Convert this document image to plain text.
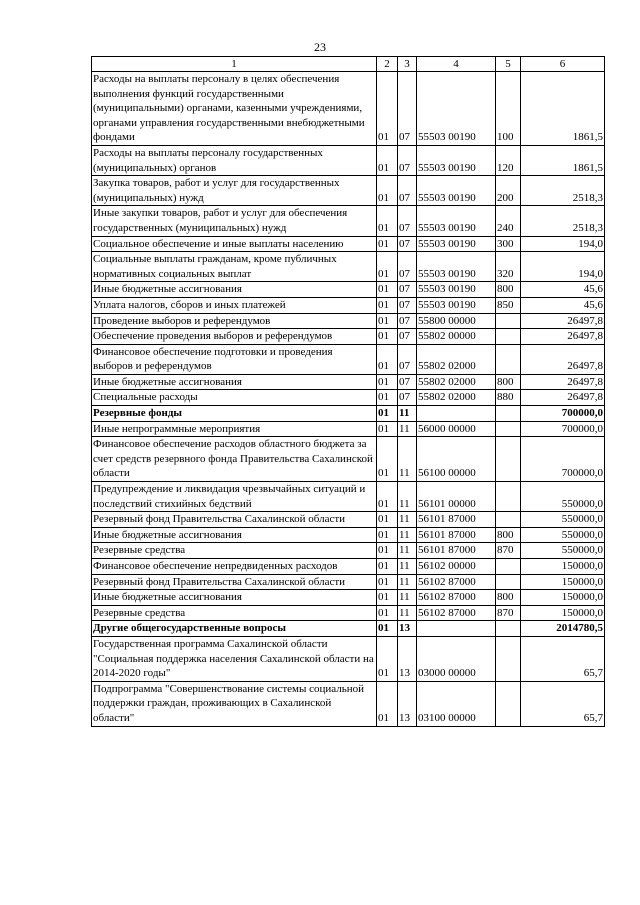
23
1	2	3	4	5	6
Расходы на выплаты персоналу в целях обеспечения выполнения функций государственными (муниципальными) органами, казенными учреждениями, органами управления государственными внебюджетными фондами	01	07	55503 00190	100	1861,5
Расходы на выплаты персоналу государственных (муниципальных) органов	01	07	55503 00190	120	1861,5
Закупка товаров, работ и услуг для государственных (муниципальных) нужд	01	07	55503 00190	200	2518,3
Иные закупки товаров, работ и услуг для обеспечения государственных (муниципальных) нужд	01	07	55503 00190	240	2518,3
Социальное обеспечение и иные выплаты населению	01	07	55503 00190	300	194,0
Социальные выплаты гражданам, кроме публичных нормативных социальных выплат	01	07	55503 00190	320	194,0
Иные бюджетные ассигнования	01	07	55503 00190	800	45,6
Уплата налогов, сборов и иных платежей	01	07	55503 00190	850	45,6
Проведение выборов и референдумов	01	07	55800 00000		26497,8
Обеспечение проведения выборов и референдумов	01	07	55802 00000		26497,8
Финансовое обеспечение подготовки и проведения выборов и референдумов	01	07	55802 02000		26497,8
Иные бюджетные ассигнования	01	07	55802 02000	800	26497,8
Специальные расходы	01	07	55802 02000	880	26497,8
Резервные фонды	01	11			700000,0
Иные непрограммные мероприятия	01	11	56000 00000		700000,0
Финансовое обеспечение расходов областного бюджета за счет средств резервного фонда Правительства Сахалинской области	01	11	56100 00000		700000,0
Предупреждение и ликвидация чрезвычайных ситуаций и последствий стихийных бедствий	01	11	56101 00000		550000,0
Резервный фонд Правительства Сахалинской области	01	11	56101 87000		550000,0
Иные бюджетные ассигнования	01	11	56101 87000	800	550000,0
Резервные средства	01	11	56101 87000	870	550000,0
Финансовое обеспечение непредвиденных расходов	01	11	56102 00000		150000,0
Резервный фонд Правительства Сахалинской области	01	11	56102 87000		150000,0
Иные бюджетные ассигнования	01	11	56102 87000	800	150000,0
Резервные средства	01	11	56102 87000	870	150000,0
Другие общегосударственные вопросы	01	13			2014780,5
Государственная программа Сахалинской области "Социальная поддержка населения Сахалинской области на 2014-2020 годы"	01	13	03000 00000		65,7
Подпрограмма "Совершенствование системы социальной поддержки граждан, проживающих в Сахалинской области"	01	13	03100 00000		65,7
